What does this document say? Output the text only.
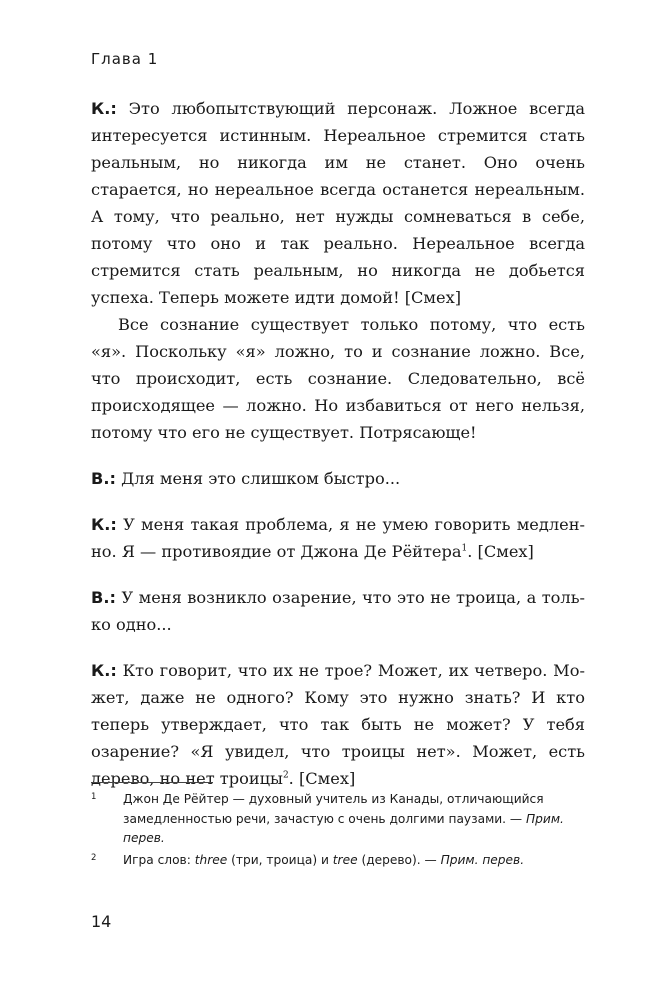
Глава 1

К.: Это любопытствующий персонаж. Ложное всегда интересуется истинным. Нереальное стремится стать реальным, но никогда им не станет. Оно очень старается, но нереальное всегда останется нереальным. А тому, что реально, нет нужды сомневаться в себе, потому что оно и так реально. Нереальное всегда стремится стать реальным, но никогда не добьется успеха. Теперь можете идти домой! [Смех]

Все сознание существует только потому, что есть «я». Поскольку «я» ложно, то и сознание ложно. Все, что происходит, есть сознание. Следовательно, всё происходящее — ложно. Но избавиться от него нельзя, потому что его не существует. Потрясающе!

В.: Для меня это слишком быстро...

К.: У меня такая проблема, я не умею говорить медленно. Я — противоядие от Джона Де Рёйтера$^1$. [Смех]

В.: У меня возникло озарение, что это не троица, а только одно...

К.: Кто говорит, что их не трое? Может, их четверо. Может, даже не одного? Кому это нужно знать? И кто теперь утверждает, что так быть не может? У тебя озарение? «Я увидел, что троицы нет». Может, есть дерево, но нет троицы$^2$. [Смех]

1	Джон Де Рёйтер — духовный учитель из Канады, отличающийся замедленностью речи, зачастую с очень долгими паузами. — Прим. перев.
2	Игра слов: three (три, троица) и tree (дерево). — Прим. перев.
14
